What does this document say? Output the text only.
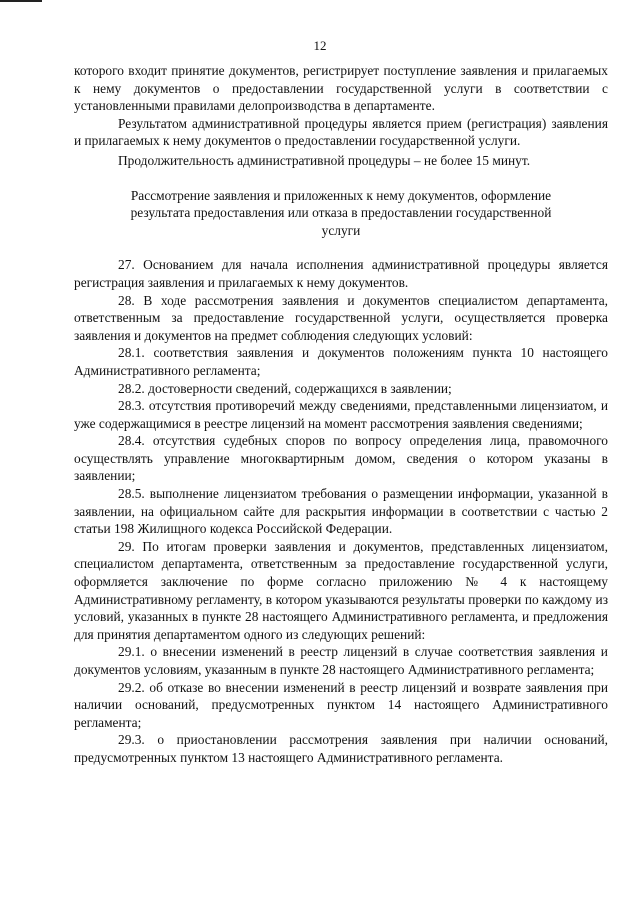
12

которого входит принятие документов, регистрирует поступление заявления и прилагаемых к нему документов о предоставлении государственной услуги в соответствии с установленными правилами делопроизводства в департаменте.

Результатом административной процедуры является прием (регистрация) заявления и прилагаемых к нему документов о предоставлении государственной услуги.

Продолжительность административной процедуры – не более 15 минут.

Рассмотрение заявления и приложенных к нему документов, оформление результата предоставления или отказа в предоставлении государственной услуги

27. Основанием для начала исполнения административной процедуры является регистрация заявления и прилагаемых к нему документов.

28. В ходе рассмотрения заявления и документов специалистом департамента, ответственным за предоставление государственной услуги, осуществляется проверка заявления и документов на предмет соблюдения следующих условий:

28.1. соответствия заявления и документов положениям пункта 10 настоящего Административного регламента;

28.2. достоверности сведений, содержащихся в заявлении;

28.3. отсутствия противоречий между сведениями, представленными лицензиатом, и уже содержащимися в реестре лицензий на момент рассмотрения заявления сведениями;

28.4. отсутствия судебных споров по вопросу определения лица, правомочного осуществлять управление многоквартирным домом, сведения о котором указаны в заявлении;

28.5. выполнение лицензиатом требования о размещении информации, указанной в заявлении, на официальном сайте для раскрытия информации в соответствии с частью 2 статьи 198 Жилищного кодекса Российской Федерации.

29. По итогам проверки заявления и документов, представленных лицензиатом, специалистом департамента, ответственным за предоставление государственной услуги, оформляется заключение по форме согласно приложению № 4 к настоящему Административному регламенту, в котором указываются результаты проверки по каждому из условий, указанных в пункте 28 настоящего Административного регламента, и предложения для принятия департаментом одного из следующих решений:

29.1. о внесении изменений в реестр лицензий в случае соответствия заявления и документов условиям, указанным в пункте 28 настоящего Административного регламента;

29.2. об отказе во внесении изменений в реестр лицензий и возврате заявления при наличии оснований, предусмотренных пунктом 14 настоящего Административного регламента;

29.3. о приостановлении рассмотрения заявления при наличии оснований, предусмотренных пунктом 13 настоящего Административного регламента.
